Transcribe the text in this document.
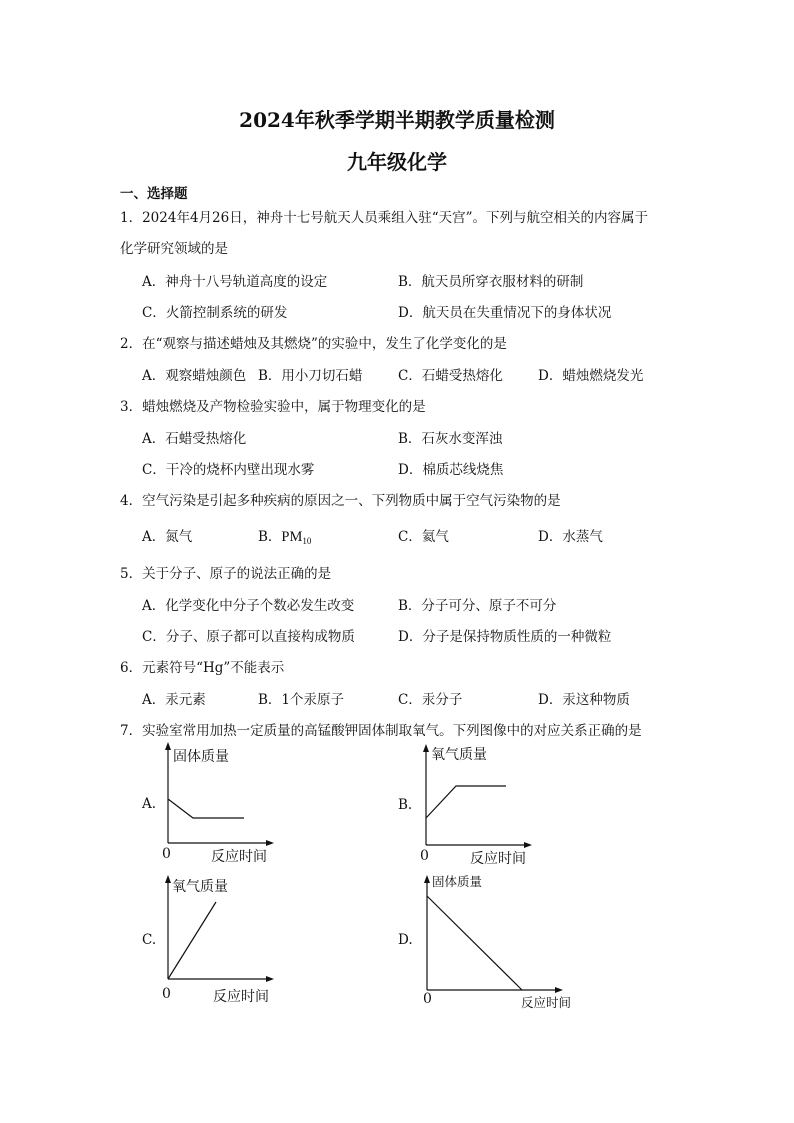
2024年秋季学期半期教学质量检测
九年级化学
一、选择题
1．2024年4月26日，神舟十七号航天人员乘组入驻“天宫”。下列与航空相关的内容属于
化学研究领域的是
A．神舟十八号轨道高度的设定	B．航天员所穿衣服材料的研制
C．火箭控制系统的研发	D．航天员在失重情况下的身体状况
2．在“观察与描述蜡烛及其燃烧”的实验中，发生了化学变化的是
A．观察蜡烛颜色 B．用小刀切石蜡	C．石蜡受热熔化	D．蜡烛燃烧发光
3．蜡烛燃烧及产物检验实验中，属于物理变化的是
A．石蜡受热熔化	B．石灰水变浑浊
C．干冷的烧杯内壁出现水雾	D．棉质芯线烧焦
4．空气污染是引起多种疾病的原因之一、下列物质中属于空气污染物的是
A．氮气	B．$PM_{10}$	C．氦气	D．水蒸气
5．关于分子、原子的说法正确的是
A．化学变化中分子个数必发生改变	B．分子可分、原子不可分
C．分子、原子都可以直接构成物质	D．分子是保持物质性质的一种微粒
6．元素符号“Hg”不能表示
A．汞元素	B．1个汞原子	C．汞分子	D．汞这种物质
7．实验室常用加热一定质量的高锰酸钾固体制取氧气。下列图像中的对应关系正确的是
A.
固体质量
0	反应时间
B.
氧气质量
0	反应时间
C.
氧气质量
0	反应时间
D.
固体质量
0	反应时间
